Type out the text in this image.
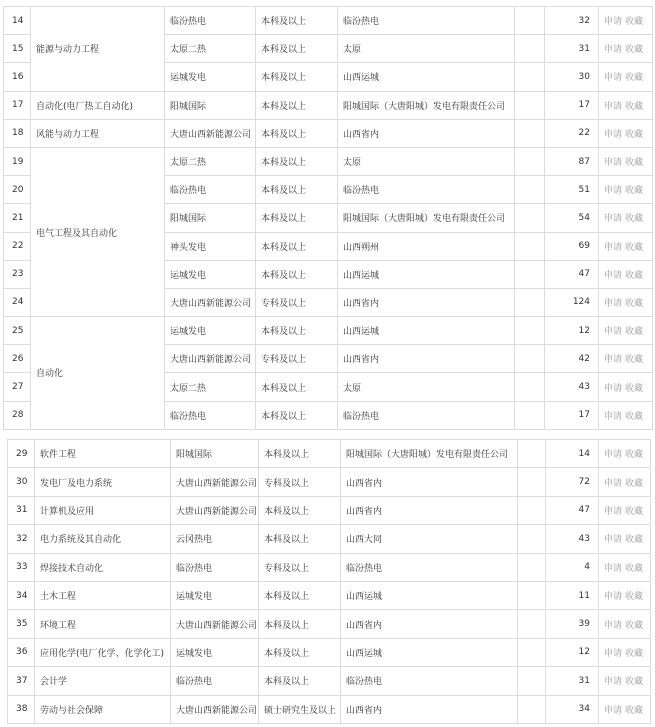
14	能源与动力工程	临汾热电	本科及以上	临汾热电		32	申请 收藏
15		太原二热	本科及以上	太原		31	申请 收藏
16		运城发电	本科及以上	山西运城		30	申请 收藏
17	自动化(电厂热工自动化)	阳城国际	本科及以上	阳城国际（大唐阳城）发电有限责任公司		17	申请 收藏
18	风能与动力工程	大唐山西新能源公司	本科及以上	山西省内		22	申请 收藏
19	电气工程及其自动化	太原二热	本科及以上	太原		87	申请 收藏
20		临汾热电	本科及以上	临汾热电		51	申请 收藏
21		阳城国际	本科及以上	阳城国际（大唐阳城）发电有限责任公司		54	申请 收藏
22		神头发电	本科及以上	山西朔州		69	申请 收藏
23		运城发电	本科及以上	山西运城		47	申请 收藏
24		大唐山西新能源公司	专科及以上	山西省内		124	申请 收藏
25	自动化	运城发电	本科及以上	山西运城		12	申请 收藏
26		大唐山西新能源公司	专科及以上	山西省内		42	申请 收藏
27		太原二热	本科及以上	太原		43	申请 收藏
28		临汾热电	本科及以上	临汾热电		17	申请 收藏
29	软件工程	阳城国际	本科及以上	阳城国际（大唐阳城）发电有限责任公司		14	申请 收藏
30	发电厂及电力系统	大唐山西新能源公司	专科及以上	山西省内		72	申请 收藏
31	计算机及应用	大唐山西新能源公司	本科及以上	山西省内		47	申请 收藏
32	电力系统及其自动化	云冈热电	本科及以上	山西大同		43	申请 收藏
33	焊接技术自动化	临汾热电	专科及以上	临汾热电		4	申请 收藏
34	土木工程	运城发电	本科及以上	山西运城		11	申请 收藏
35	环境工程	大唐山西新能源公司	本科及以上	山西省内		39	申请 收藏
36	应用化学(电厂化学、化学化工)	运城发电	本科及以上	山西运城		12	申请 收藏
37	会计学	临汾热电	本科及以上	临汾热电		31	申请 收藏
38	劳动与社会保障	大唐山西新能源公司	硕士研究生及以上	山西省内		34	申请 收藏
